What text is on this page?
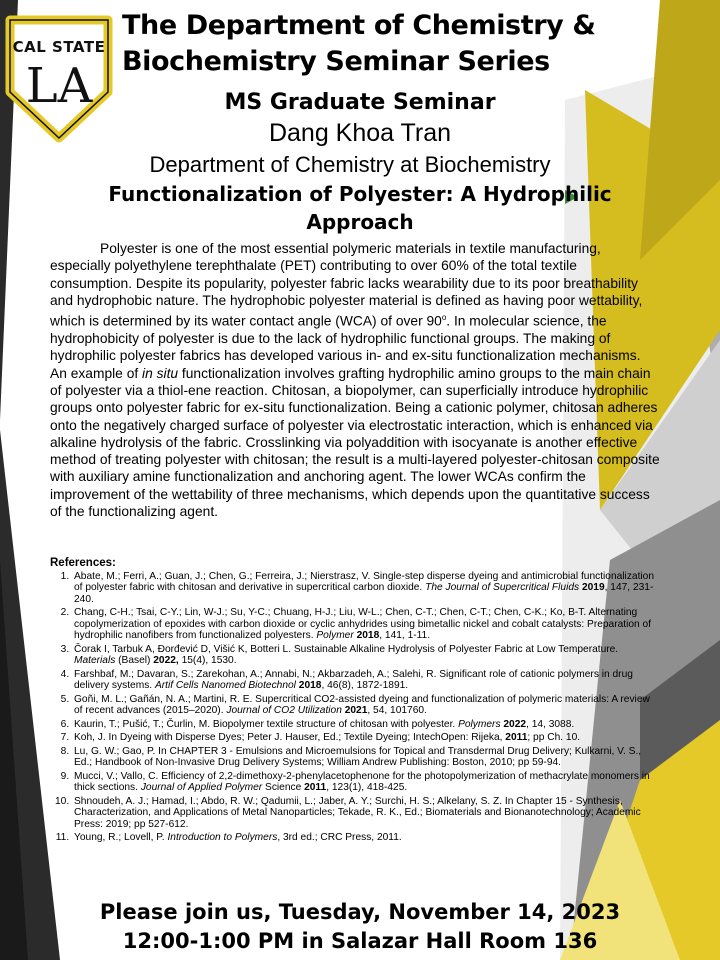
CAL STATE
LA
The Department of Chemistry &
Biochemistry Seminar Series
MS Graduate Seminar
Dang Khoa Tran
Department of Chemistry at Biochemistry
Functionalization of Polyester: A Hydrophilic
Approach

Polyester is one of the most essential polymeric materials in textile manufacturing, especially polyethylene terephthalate (PET) contributing to over 60% of the total textile consumption. Despite its popularity, polyester fabric lacks wearability due to its poor breathability and hydrophobic nature. The hydrophobic polyester material is defined as having poor wettability, which is determined by its water contact angle (WCA) of over 90$^o$. In molecular science, the hydrophobicity of polyester is due to the lack of hydrophilic functional groups. The making of hydrophilic polyester fabrics has developed various in- and ex-situ functionalization mechanisms. An example of in situ functionalization involves grafting hydrophilic amino groups to the main chain of polyester via a thiol-ene reaction. Chitosan, a biopolymer, can superficially introduce hydrophilic groups onto polyester fabric for ex-situ functionalization. Being a cationic polymer, chitosan adheres onto the negatively charged surface of polyester via electrostatic interaction, which is enhanced via alkaline hydrolysis of the fabric. Crosslinking via polyaddition with isocyanate is another effective method of treating polyester with chitosan; the result is a multi-layered polyester-chitosan composite with auxiliary amine functionalization and anchoring agent. The lower WCAs confirm the improvement of the wettability of three mechanisms, which depends upon the quantitative success of the functionalizing agent.

References:
1. Abate, M.; Ferri, A.; Guan, J.; Chen, G.; Ferreira, J.; Nierstrasz, V. Single-step disperse dyeing and antimicrobial functionalization of polyester fabric with chitosan and derivative in supercritical carbon dioxide. The Journal of Supercritical Fluids 2019, 147, 231-240.
2. Chang, C-H.; Tsai, C-Y.; Lin, W-J.; Su, Y-C.; Chuang, H-J.; Liu, W-L.; Chen, C-T.; Chen, C-T.; Chen, C-K.; Ko, B-T. Alternating copolymerization of epoxides with carbon dioxide or cyclic anhydrides using bimetallic nickel and cobalt catalysts: Preparation of hydrophilic nanofibers from functionalized polyesters. Polymer 2018, 141, 1-11.
3. Čorak I, Tarbuk A, Đorđević D, Višić K, Botteri L. Sustainable Alkaline Hydrolysis of Polyester Fabric at Low Temperature. Materials (Basel) 2022, 15(4), 1530.
4. Farshbaf, M.; Davaran, S.; Zarekohan, A.; Annabi, N.; Akbarzadeh, A.; Salehi, R. Significant role of cationic polymers in drug delivery systems. Artif Cells Nanomed Biotechnol 2018, 46(8), 1872-1891.
5. Goñi, M. L.; Gañán, N. A.; Martini, R. E. Supercritical CO2-assisted dyeing and functionalization of polymeric materials: A review of recent advances (2015–2020). Journal of CO2 Utilization 2021, 54, 101760.
6. Kaurin, T.; Pušić, T.; Čurlin, M. Biopolymer textile structure of chitosan with polyester. Polymers 2022, 14, 3088.
7. Koh, J. In Dyeing with Disperse Dyes; Peter J. Hauser, Ed.; Textile Dyeing; IntechOpen: Rijeka, 2011; pp Ch. 10.
8. Lu, G. W.; Gao, P. In CHAPTER 3 - Emulsions and Microemulsions for Topical and Transdermal Drug Delivery; Kulkarni, V. S., Ed.; Handbook of Non-Invasive Drug Delivery Systems; William Andrew Publishing: Boston, 2010; pp 59-94.
9. Mucci, V.; Vallo, C. Efficiency of 2,2-dimethoxy-2-phenylacetophenone for the photopolymerization of methacrylate monomers in thick sections. Journal of Applied Polymer Science 2011, 123(1), 418-425.
10. Shnoudeh, A. J.; Hamad, I.; Abdo, R. W.; Qadumii, L.; Jaber, A. Y.; Surchi, H. S.; Alkelany, S. Z. In Chapter 15 - Synthesis, Characterization, and Applications of Metal Nanoparticles; Tekade, R. K., Ed.; Biomaterials and Bionanotechnology; Academic Press: 2019; pp 527-612.
11. Young, R.; Lovell, P. Introduction to Polymers, 3rd ed.; CRC Press, 2011.
Please join us, Tuesday, November 14, 2023
12:00-1:00 PM in Salazar Hall Room 136
